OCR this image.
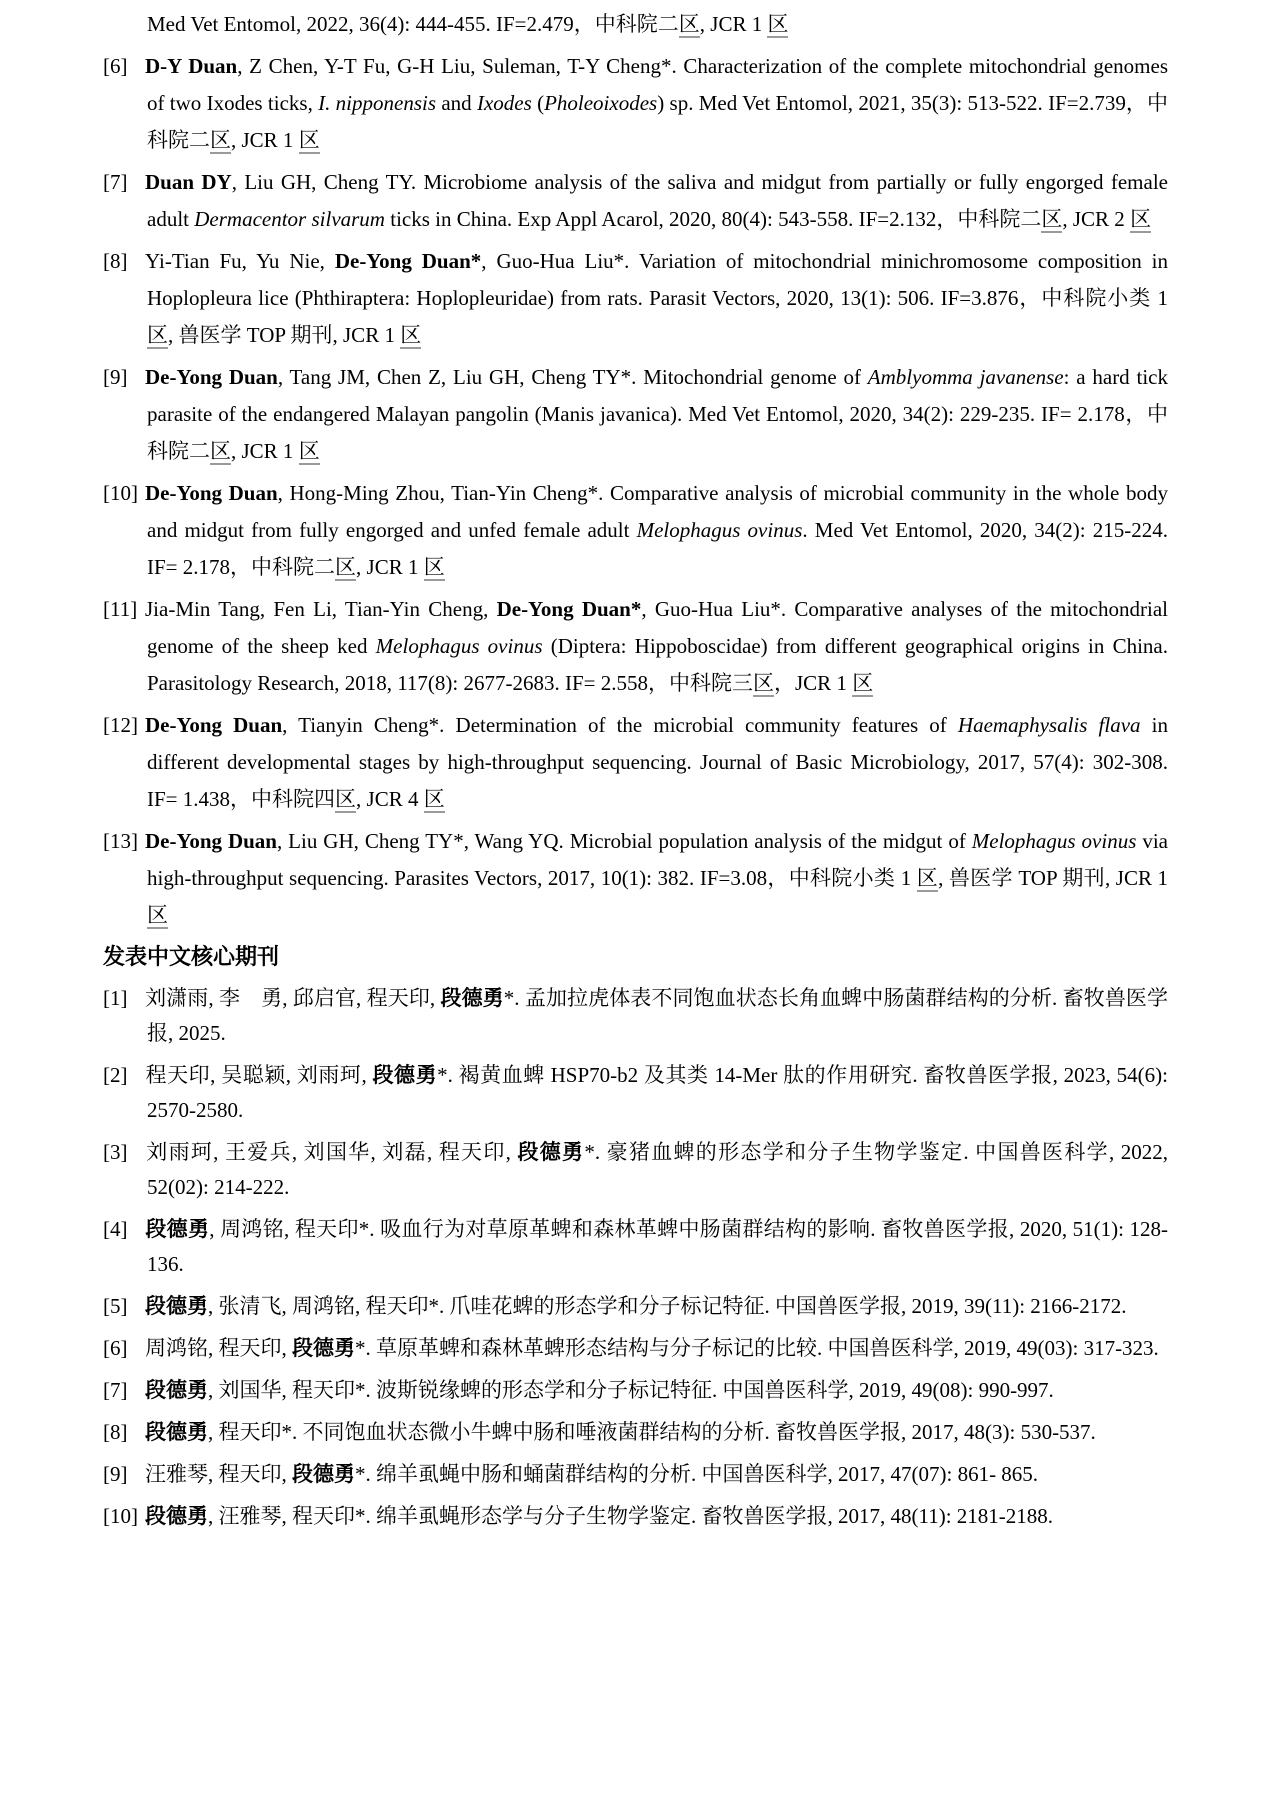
Med Vet Entomol, 2022, 36(4): 444-455. IF=2.479，中科院二区, JCR 1 区

[6]D-Y Duan, Z Chen, Y-T Fu, G-H Liu, Suleman, T-Y Cheng*. Characterization of the complete mitochondrial genomes of two Ixodes ticks, I. nipponensis and Ixodes (Pholeoixodes) sp. Med Vet Entomol, 2021, 35(3): 513-522. IF=2.739，中科院二区, JCR 1 区

[7]Duan DY, Liu GH, Cheng TY. Microbiome analysis of the saliva and midgut from partially or fully engorged female adult Dermacentor silvarum ticks in China. Exp Appl Acarol, 2020, 80(4): 543-558. IF=2.132，中科院二区, JCR 2 区

[8]Yi-Tian Fu, Yu Nie, De-Yong Duan*, Guo-Hua Liu*. Variation of mitochondrial minichromosome composition in Hoplopleura lice (Phthiraptera: Hoplopleuridae) from rats. Parasit Vectors, 2020, 13(1): 506. IF=3.876，中科院小类 1 区, 兽医学 TOP 期刊, JCR 1 区

[9]De-Yong Duan, Tang JM, Chen Z, Liu GH, Cheng TY*. Mitochondrial genome of Amblyomma javanense: a hard tick parasite of the endangered Malayan pangolin (Manis javanica). Med Vet Entomol, 2020, 34(2): 229-235. IF= 2.178，中科院二区, JCR 1 区

[10]De-Yong Duan, Hong-Ming Zhou, Tian-Yin Cheng*. Comparative analysis of microbial community in the whole body and midgut from fully engorged and unfed female adult Melophagus ovinus. Med Vet Entomol, 2020, 34(2): 215-224. IF= 2.178，中科院二区, JCR 1 区

[11]Jia-Min Tang, Fen Li, Tian-Yin Cheng, De-Yong Duan*, Guo-Hua Liu*. Comparative analyses of the mitochondrial genome of the sheep ked Melophagus ovinus (Diptera: Hippoboscidae) from different geographical origins in China. Parasitology Research, 2018, 117(8): 2677-2683. IF= 2.558，中科院三区，JCR 1 区

[12]De-Yong Duan, Tianyin Cheng*. Determination of the microbial community features of Haemaphysalis flava in different developmental stages by high-throughput sequencing. Journal of Basic Microbiology, 2017, 57(4): 302-308. IF= 1.438，中科院四区, JCR 4 区

[13]De-Yong Duan, Liu GH, Cheng TY*, Wang YQ. Microbial population analysis of the midgut of Melophagus ovinus via high-throughput sequencing. Parasites Vectors, 2017, 10(1): 382. IF=3.08，中科院小类 1 区, 兽医学 TOP 期刊, JCR 1 区

发表中文核心期刊

[1]刘潇雨, 李　勇, 邱启官, 程天印, 段德勇*. 孟加拉虎体表不同饱血状态长角血蜱中肠菌群结构的分析. 畜牧兽医学报, 2025.

[2]程天印, 吴聪颖, 刘雨珂, 段德勇*. 褐黄血蜱 HSP70-b2 及其类 14-Mer 肽的作用研究. 畜牧兽医学报, 2023, 54(6): 2570-2580.

[3]刘雨珂, 王爱兵, 刘国华, 刘磊, 程天印, 段德勇*. 豪猪血蜱的形态学和分子生物学鉴定. 中国兽医科学, 2022, 52(02): 214-222.

[4]段德勇, 周鸿铭, 程天印*. 吸血行为对草原革蜱和森林革蜱中肠菌群结构的影响. 畜牧兽医学报, 2020, 51(1): 128-136.

[5]段德勇, 张清飞, 周鸿铭, 程天印*. 爪哇花蜱的形态学和分子标记特征. 中国兽医学报, 2019, 39(11): 2166-2172.

[6]周鸿铭, 程天印, 段德勇*. 草原革蜱和森林革蜱形态结构与分子标记的比较. 中国兽医科学, 2019, 49(03): 317-323.

[7]段德勇, 刘国华, 程天印*. 波斯锐缘蜱的形态学和分子标记特征. 中国兽医科学, 2019, 49(08): 990-997.

[8]段德勇, 程天印*. 不同饱血状态微小牛蜱中肠和唾液菌群结构的分析. 畜牧兽医学报, 2017, 48(3): 530-537.

[9]汪雅琴, 程天印, 段德勇*. 绵羊虱蝇中肠和蛹菌群结构的分析. 中国兽医科学, 2017, 47(07): 861- 865.

[10]段德勇, 汪雅琴, 程天印*. 绵羊虱蝇形态学与分子生物学鉴定. 畜牧兽医学报, 2017, 48(11): 2181-2188.
